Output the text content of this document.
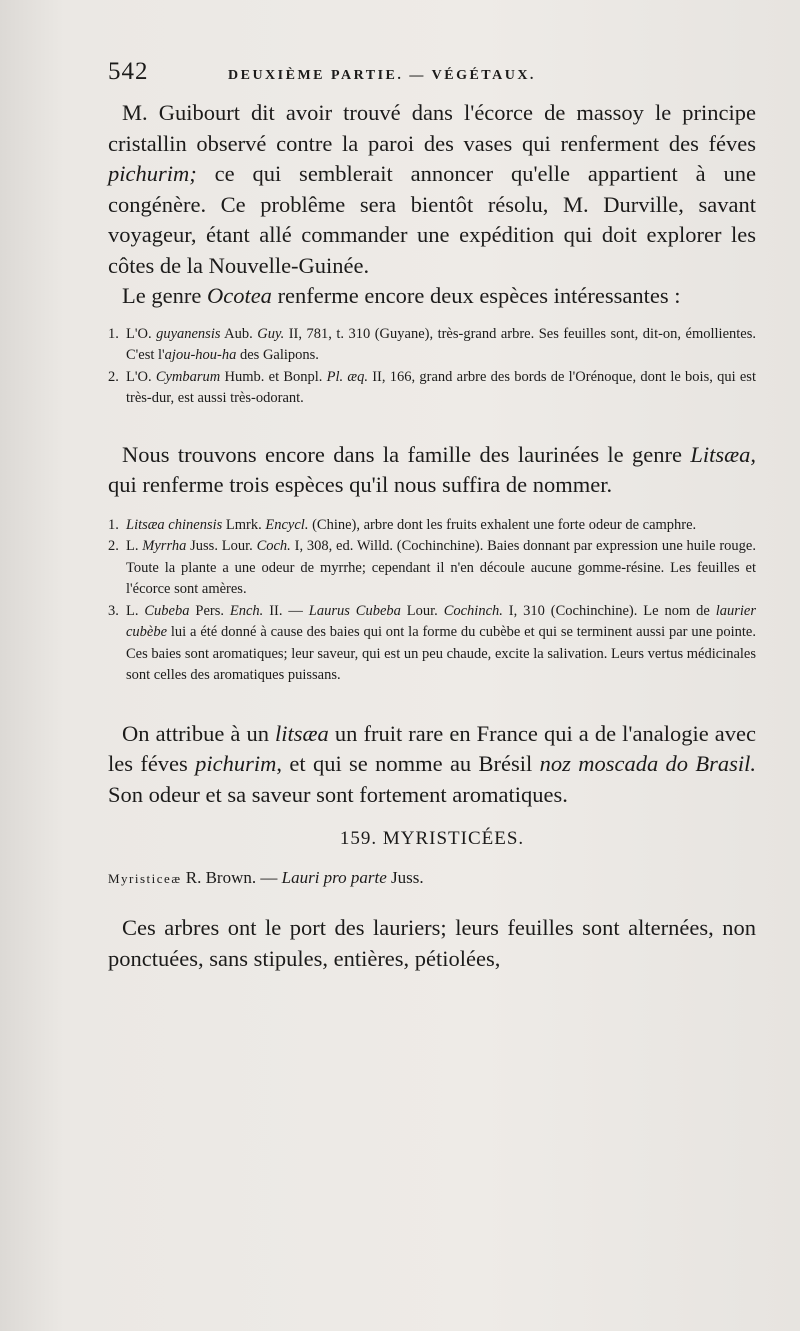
542	DEUXIÈME PARTIE. — VÉGÉTAUX.

M. Guibourt dit avoir trouvé dans l'écorce de massoy le principe cristallin observé contre la paroi des vases qui renferment des féves pichurim; ce qui semblerait annoncer qu'elle appartient à une congénère. Ce problême sera bientôt résolu, M. Durville, savant voyageur, étant allé commander une expédition qui doit explorer les côtes de la Nouvelle-Guinée.

Le genre Ocotea renferme encore deux espèces intéressantes :

1. L'O. guyanensis Aub. Guy. II, 781, t. 310 (Guyane), très-grand arbre. Ses feuilles sont, dit-on, émollientes. C'est l'ajou-hou-ha des Galipons.
2. L'O. Cymbarum Humb. et Bonpl. Pl. æq. II, 166, grand arbre des bords de l'Orénoque, dont le bois, qui est très-dur, est aussi très-odorant.

Nous trouvons encore dans la famille des laurinées le genre Litsæa, qui renferme trois espèces qu'il nous suffira de nommer.

1. Litsæa chinensis Lmrk. Encycl. (Chine), arbre dont les fruits exhalent une forte odeur de camphre.
2. L. Myrrha Juss. Lour. Coch. I, 308, ed. Willd. (Cochinchine). Baies donnant par expression une huile rouge. Toute la plante a une odeur de myrrhe; cependant il n'en découle aucune gomme-résine. Les feuilles et l'écorce sont amères.
3. L. Cubeba Pers. Ench. II. — Laurus Cubeba Lour. Cochinch. I, 310 (Cochinchine). Le nom de laurier cubèbe lui a été donné à cause des baies qui ont la forme du cubèbe et qui se terminent aussi par une pointe. Ces baies sont aromatiques; leur saveur, qui est un peu chaude, excite la salivation. Leurs vertus médicinales sont celles des aromatiques puissans.

On attribue à un litsæa un fruit rare en France qui a de l'analogie avec les féves pichurim, et qui se nomme au Brésil noz moscada do Brasil. Son odeur et sa saveur sont fortement aromatiques.

159. MYRISTICÉES.

Myristiceæ R. Brown. — Lauri pro parte Juss.

Ces arbres ont le port des lauriers; leurs feuilles sont alternées, non ponctuées, sans stipules, entières, pétiolées,
